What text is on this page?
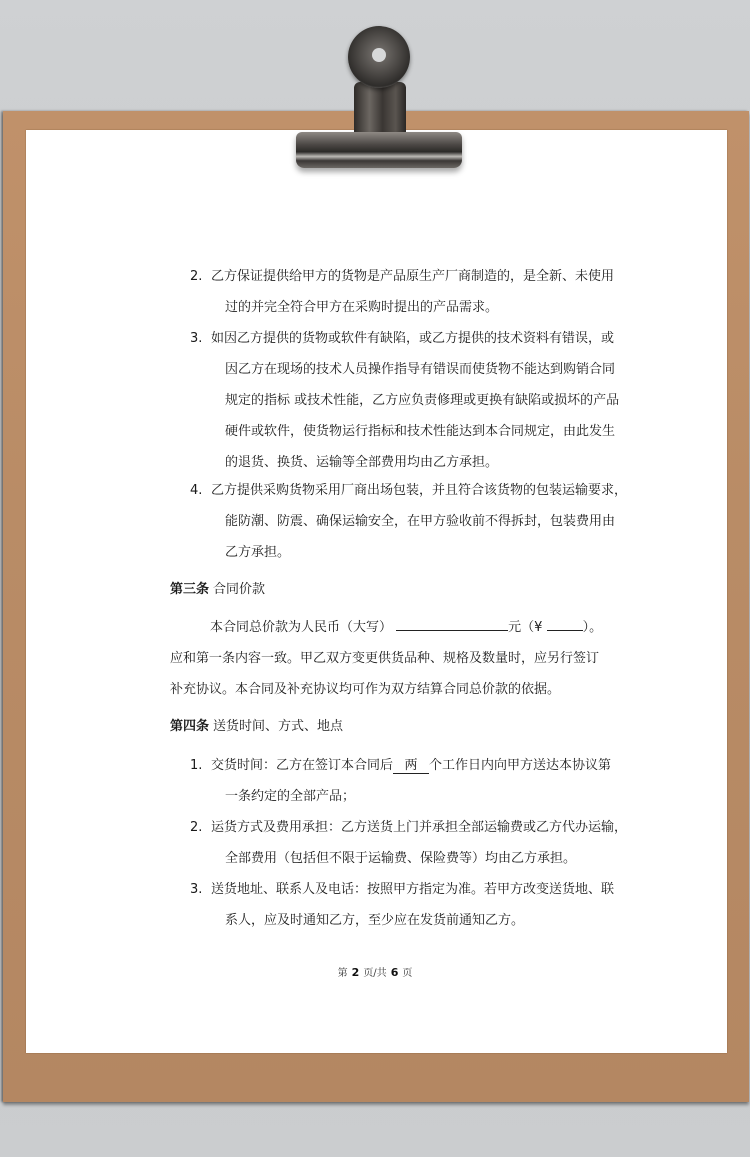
2. 乙方保证提供给甲方的货物是产品原生产厂商制造的，是全新、未使用
过的并完全符合甲方在采购时提出的产品需求。
3. 如因乙方提供的货物或软件有缺陷，或乙方提供的技术资料有错误，或
因乙方在现场的技术人员操作指导有错误而使货物不能达到购销合同
规定的指标 或技术性能，乙方应负责修理或更换有缺陷或损坏的产品
硬件或软件，使货物运行指标和技术性能达到本合同规定，由此发生
的退货、换货、运输等全部费用均由乙方承担。
4. 乙方提供采购货物采用厂商出场包装，并且符合该货物的包装运输要求，
能防潮、防震、确保运输安全，在甲方验收前不得拆封，包装费用由
乙方承担。
第三条 合同价款
本合同总价款为人民币（大写）	元（¥	）。
应和第一条内容一致。甲乙双方变更供货品种、规格及数量时，应另行签订
补充协议。本合同及补充协议均可作为双方结算合同总价款的依据。
第四条 送货时间、方式、地点
1. 交货时间：乙方在签订本合同后 两 个工作日内向甲方送达本协议第
一条约定的全部产品；
2. 运货方式及费用承担：乙方送货上门并承担全部运输费或乙方代办运输，
全部费用（包括但不限于运输费、保险费等）均由乙方承担。
3. 送货地址、联系人及电话：按照甲方指定为准。若甲方改变送货地、联
系人，应及时通知乙方，至少应在发货前通知乙方。
第 2 页/共 6 页
